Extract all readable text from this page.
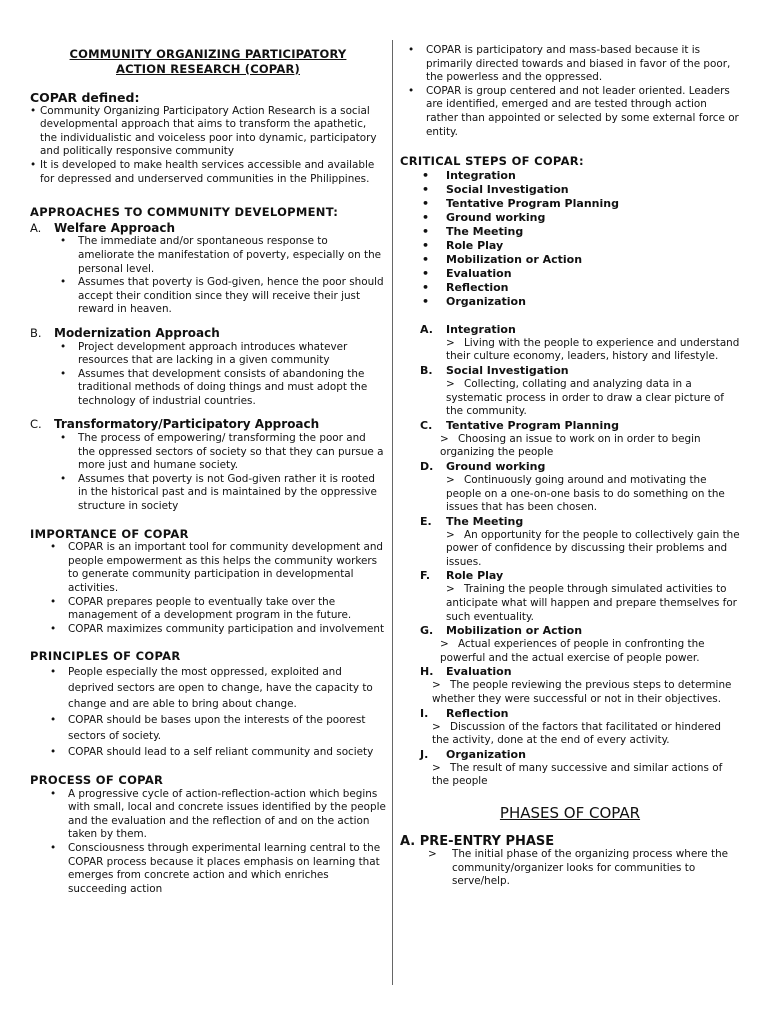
COMMUNITY ORGANIZING PARTICIPATORY
ACTION RESEARCH (COPAR)
COPAR defined:
• Community Organizing Participatory Action Research is a social developmental approach that aims to transform the apathetic, the individualistic and voiceless poor into dynamic, participatory and politically responsive community
• It is developed to make health services accessible and available for depressed and underserved communities in the Philippines.
APPROACHES TO COMMUNITY DEVELOPMENT:
A.	Welfare Approach
• The immediate and/or spontaneous response to ameliorate the manifestation of poverty, especially on the personal level.
• Assumes that poverty is God-given, hence the poor should accept their condition since they will receive their just reward in heaven.
B.	Modernization Approach
• Project development approach introduces whatever resources that are lacking in a given community
• Assumes that development consists of abandoning the traditional methods of doing things and must adopt the technology of industrial countries.
C.	Transformatory/Participatory Approach
• The process of empowering/ transforming the poor and the oppressed sectors of society so that they can pursue a more just and humane society.
• Assumes that poverty is not God-given rather it is rooted in the historical past and is maintained by the oppressive structure in society
IMPORTANCE OF COPAR
• COPAR is an important tool for community development and people empowerment as this helps the community workers to generate community participation in developmental activities.
• COPAR prepares people to eventually take over the management of a development program in the future.
• COPAR maximizes community participation and involvement
PRINCIPLES OF COPAR
• People especially the most oppressed, exploited and deprived sectors are open to change, have the capacity to change and are able to bring about change.
• COPAR should be bases upon the interests of the poorest sectors of society.
• COPAR should lead to a self reliant community and society
PROCESS OF COPAR
• A progressive cycle of action-reflection-action which begins with small, local and concrete issues identified by the people and the evaluation and the reflection of and on the action taken by them.
• Consciousness through experimental learning central to the COPAR process because it places emphasis on learning that emerges from concrete action and which enriches succeeding action
• COPAR is participatory and mass-based because it is primarily directed towards and biased in favor of the poor, the powerless and the oppressed.
• COPAR is group centered and not leader oriented. Leaders are identified, emerged and are tested through action rather than appointed or selected by some external force or entity.
CRITICAL STEPS OF COPAR:
• Integration
• Social Investigation
• Tentative Program Planning
• Ground working
• The Meeting
• Role Play
• Mobilization or Action
• Evaluation
• Reflection
• Organization
A.	Integration
> Living with the people to experience and understand their culture economy, leaders, history and lifestyle.
B.	Social Investigation
> Collecting, collating and analyzing data in a systematic process in order to draw a clear picture of the community.
C.	Tentative Program Planning
> Choosing an issue to work on in order to begin organizing the people
D.	Ground working
> Continuously going around and motivating the people on a one-on-one basis to do something on the issues that has been chosen.
E.	The Meeting
> An opportunity for the people to collectively gain the power of confidence by discussing their problems and issues.
F.	Role Play
> Training the people through simulated activities to anticipate what will happen and prepare themselves for such eventuality.
G.	Mobilization or Action
> Actual experiences of people in confronting the powerful and the actual exercise of people power.
H.	Evaluation
> The people reviewing the previous steps to determine whether they were successful or not in their objectives.
I.	Reflection
> Discussion of the factors that facilitated or hindered the activity, done at the end of every activity.
J.	Organization
> The result of many successive and similar actions of the people
PHASES OF COPAR
A. PRE-ENTRY PHASE
>	The initial phase of the organizing process where the community/organizer looks for communities to serve/help.
